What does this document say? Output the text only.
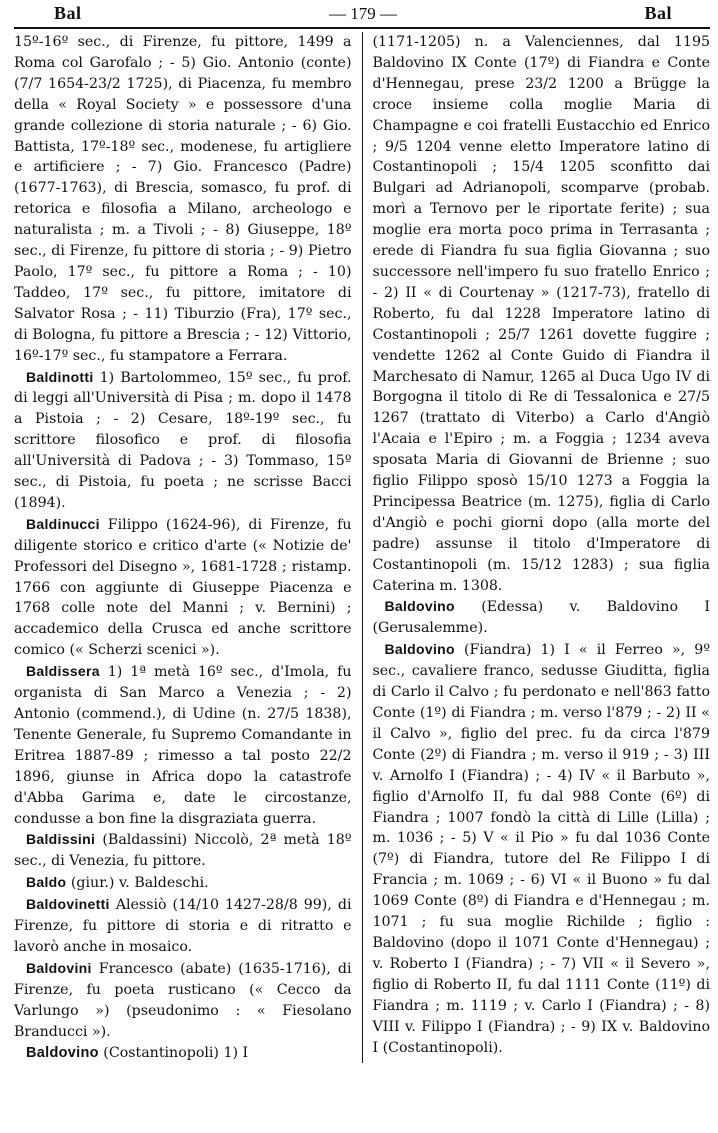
Bal	— 179 —	Bal

15º-16º sec., di Firenze, fu pittore, 1499 a Roma col Garofalo ; - 5) Gio. Antonio (conte) (7/7 1654-23/2 1725), di Piacenza, fu membro della « Royal Society » e possessore d'una grande collezione di storia naturale ; - 6) Gio. Battista, 17º-18º sec., modenese, fu artigliere e artificiere ; - 7) Gio. Francesco (Padre) (1677-1763), di Brescia, somasco, fu prof. di retorica e filosofia a Milano, archeologo e naturalista ; m. a Tivoli ; - 8) Giuseppe, 18º sec., di Firenze, fu pittore di storia ; - 9) Pietro Paolo, 17º sec., fu pittore a Roma ; - 10) Taddeo, 17º sec., fu pittore, imitatore di Salvator Rosa ; - 11) Tiburzio (Fra), 17º sec., di Bologna, fu pittore a Brescia ; - 12) Vittorio, 16º-17º sec., fu stampatore a Ferrara.

Baldinotti 1) Bartolommeo, 15º sec., fu prof. di leggi all'Università di Pisa ; m. dopo il 1478 a Pistoia ; - 2) Cesare, 18º-19º sec., fu scrittore filosofico e prof. di filosofia all'Università di Padova ; - 3) Tommaso, 15º sec., di Pistoia, fu poeta ; ne scrisse Bacci (1894).

Baldinucci Filippo (1624-96), di Firenze, fu diligente storico e critico d'arte (« Notizie de' Professori del Disegno », 1681-1728 ; ristamp. 1766 con aggiunte di Giuseppe Piacenza e 1768 colle note del Manni ; v. Bernini) ; accademico della Crusca ed anche scrittore comico (« Scherzi scenici »).

Baldissera 1) 1ª metà 16º sec., d'Imola, fu organista di San Marco a Venezia ; - 2) Antonio (commend.), di Udine (n. 27/5 1838), Tenente Generale, fu Supremo Comandante in Eritrea 1887-89 ; rimesso a tal posto 22/2 1896, giunse in Africa dopo la catastrofe d'Abba Garima e, date le circostanze, condusse a bon fine la disgraziata guerra.

Baldissini (Baldassini) Niccolò, 2ª metà 18º sec., di Venezia, fu pittore.

Baldo (giur.) v. Baldeschi.

Baldovinetti Alessiò (14/10 1427-28/8 99), di Firenze, fu pittore di storia e di ritratto e lavorò anche in mosaico.

Baldovini Francesco (abate) (1635-1716), di Firenze, fu poeta rusticano (« Cecco da Varlungo ») (pseudonimo : « Fiesolano Branducci »).

Baldovino (Costantinopoli) 1) I

(1171-1205) n. a Valenciennes, dal 1195 Baldovino IX Conte (17º) di Fiandra e Conte d'Hennegau, prese 23/2 1200 a Brügge la croce insieme colla moglie Maria di Champagne e coi fratelli Eustacchio ed Enrico ; 9/5 1204 venne eletto Imperatore latino di Costantinopoli ; 15/4 1205 sconfitto dai Bulgari ad Adrianopoli, scomparve (probab. morì a Ternovo per le riportate ferite) ; sua moglie era morta poco prima in Terrasanta ; erede di Fiandra fu sua figlia Giovanna ; suo successore nell'impero fu suo fratello Enrico ; - 2) II « di Courtenay » (1217-73), fratello di Roberto, fu dal 1228 Imperatore latino di Costantinopoli ; 25/7 1261 dovette fuggire ; vendette 1262 al Conte Guido di Fiandra il Marchesato di Namur, 1265 al Duca Ugo IV di Borgogna il titolo di Re di Tessalonica e 27/5 1267 (trattato di Viterbo) a Carlo d'Angiò l'Acaia e l'Epiro ; m. a Foggia ; 1234 aveva sposata Maria di Giovanni de Brienne ; suo figlio Filippo sposò 15/10 1273 a Foggia la Principessa Beatrice (m. 1275), figlia di Carlo d'Angiò e pochi giorni dopo (alla morte del padre) assunse il titolo d'Imperatore di Costantinopoli (m. 15/12 1283) ; sua figlia Caterina m. 1308.

Baldovino (Edessa) v. Baldovino I (Gerusalemme).

Baldovino (Fiandra) 1) I « il Ferreo », 9º sec., cavaliere franco, sedusse Giuditta, figlia di Carlo il Calvo ; fu perdonato e nell'863 fatto Conte (1º) di Fiandra ; m. verso l'879 ; - 2) II « il Calvo », figlio del prec. fu da circa l'879 Conte (2º) di Fiandra ; m. verso il 919 ; - 3) III v. Arnolfo I (Fiandra) ; - 4) IV « il Barbuto », figlio d'Arnolfo II, fu dal 988 Conte (6º) di Fiandra ; 1007 fondò la città di Lille (Lilla) ; m. 1036 ; - 5) V « il Pio » fu dal 1036 Conte (7º) di Fiandra, tutore del Re Filippo I di Francia ; m. 1069 ; - 6) VI « il Buono » fu dal 1069 Conte (8º) di Fiandra e d'Hennegau ; m. 1071 ; fu sua moglie Richilde ; figlio : Baldovino (dopo il 1071 Conte d'Hennegau) ; v. Roberto I (Fiandra) ; - 7) VII « il Severo », figlio di Roberto II, fu dal 1111 Conte (11º) di Fiandra ; m. 1119 ; v. Carlo I (Fiandra) ; - 8) VIII v. Filippo I (Fiandra) ; - 9) IX v. Baldovino I (Costantinopoli).
